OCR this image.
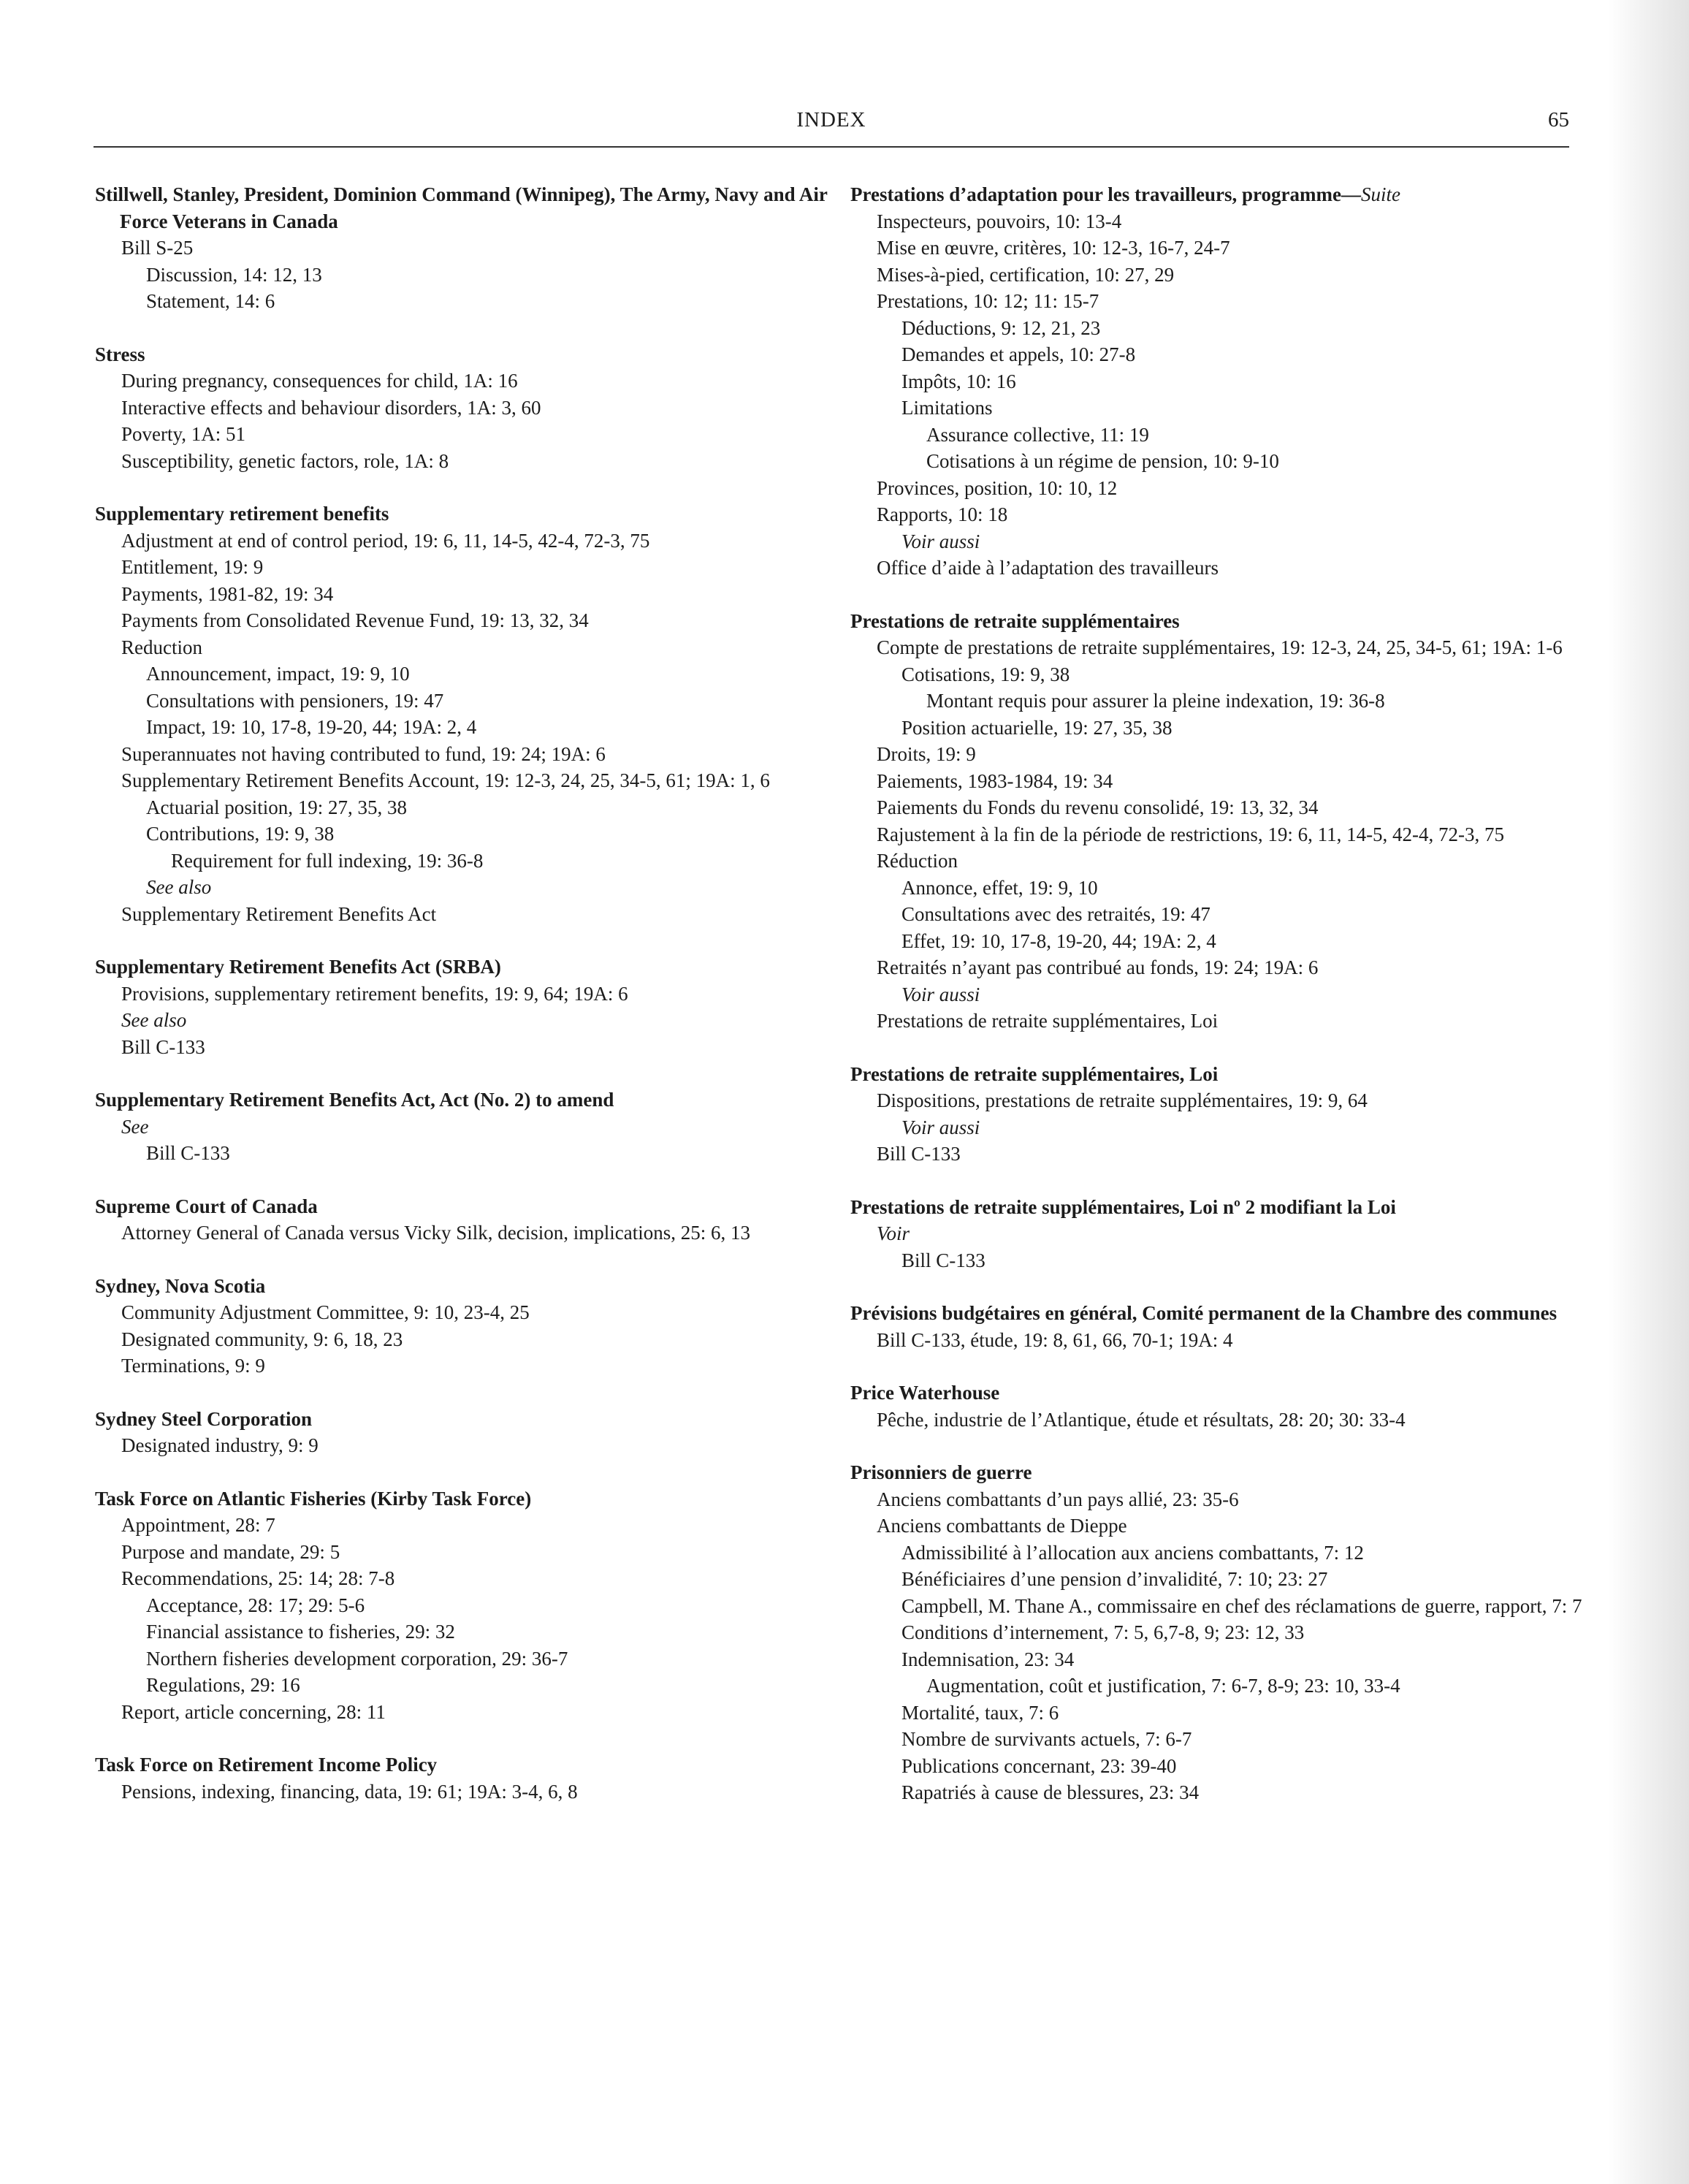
INDEX	65
Stillwell, Stanley, President, Dominion Command (Winnipeg), The Army, Navy and Air Force Veterans in Canada
Bill S-25
Discussion, 14: 12, 13
Statement, 14: 6
Stress
During pregnancy, consequences for child, 1A: 16
Interactive effects and behaviour disorders, 1A: 3, 60
Poverty, 1A: 51
Susceptibility, genetic factors, role, 1A: 8
Supplementary retirement benefits
Adjustment at end of control period, 19: 6, 11, 14-5, 42-4, 72-3, 75
Entitlement, 19: 9
Payments, 1981-82, 19: 34
Payments from Consolidated Revenue Fund, 19: 13, 32, 34
Reduction
Announcement, impact, 19: 9, 10
Consultations with pensioners, 19: 47
Impact, 19: 10, 17-8, 19-20, 44; 19A: 2, 4
Superannuates not having contributed to fund, 19: 24; 19A: 6
Supplementary Retirement Benefits Account, 19: 12-3, 24, 25, 34-5, 61; 19A: 1, 6
Actuarial position, 19: 27, 35, 38
Contributions, 19: 9, 38
Requirement for full indexing, 19: 36-8
See also
Supplementary Retirement Benefits Act
Supplementary Retirement Benefits Act (SRBA)
Provisions, supplementary retirement benefits, 19: 9, 64; 19A: 6
See also
Bill C-133
Supplementary Retirement Benefits Act, Act (No. 2) to amend
See
Bill C-133
Supreme Court of Canada
Attorney General of Canada versus Vicky Silk, decision, implications, 25: 6, 13
Sydney, Nova Scotia
Community Adjustment Committee, 9: 10, 23-4, 25
Designated community, 9: 6, 18, 23
Terminations, 9: 9
Sydney Steel Corporation
Designated industry, 9: 9
Task Force on Atlantic Fisheries (Kirby Task Force)
Appointment, 28: 7
Purpose and mandate, 29: 5
Recommendations, 25: 14; 28: 7-8
Acceptance, 28: 17; 29: 5-6
Financial assistance to fisheries, 29: 32
Northern fisheries development corporation, 29: 36-7
Regulations, 29: 16
Report, article concerning, 28: 11
Task Force on Retirement Income Policy
Pensions, indexing, financing, data, 19: 61; 19A: 3-4, 6, 8
Prestations d’adaptation pour les travailleurs, programme—Suite
Inspecteurs, pouvoirs, 10: 13-4
Mise en œuvre, critères, 10: 12-3, 16-7, 24-7
Mises-à-pied, certification, 10: 27, 29
Prestations, 10: 12; 11: 15-7
Déductions, 9: 12, 21, 23
Demandes et appels, 10: 27-8
Impôts, 10: 16
Limitations
Assurance collective, 11: 19
Cotisations à un régime de pension, 10: 9-10
Provinces, position, 10: 10, 12
Rapports, 10: 18
Voir aussi
Office d’aide à l’adaptation des travailleurs
Prestations de retraite supplémentaires
Compte de prestations de retraite supplémentaires, 19: 12-3, 24, 25, 34-5, 61; 19A: 1-6
Cotisations, 19: 9, 38
Montant requis pour assurer la pleine indexation, 19: 36-8
Position actuarielle, 19: 27, 35, 38
Droits, 19: 9
Paiements, 1983-1984, 19: 34
Paiements du Fonds du revenu consolidé, 19: 13, 32, 34
Rajustement à la fin de la période de restrictions, 19: 6, 11, 14-5, 42-4, 72-3, 75
Réduction
Annonce, effet, 19: 9, 10
Consultations avec des retraités, 19: 47
Effet, 19: 10, 17-8, 19-20, 44; 19A: 2, 4
Retraités n’ayant pas contribué au fonds, 19: 24; 19A: 6
Voir aussi
Prestations de retraite supplémentaires, Loi
Prestations de retraite supplémentaires, Loi
Dispositions, prestations de retraite supplémentaires, 19: 9, 64
Voir aussi
Bill C-133
Prestations de retraite supplémentaires, Loi nº 2 modifiant la Loi
Voir
Bill C-133
Prévisions budgétaires en général, Comité permanent de la Chambre des communes
Bill C-133, étude, 19: 8, 61, 66, 70-1; 19A: 4
Price Waterhouse
Pêche, industrie de l’Atlantique, étude et résultats, 28: 20; 30: 33-4
Prisonniers de guerre
Anciens combattants d’un pays allié, 23: 35-6
Anciens combattants de Dieppe
Admissibilité à l’allocation aux anciens combattants, 7: 12
Bénéficiaires d’une pension d’invalidité, 7: 10; 23: 27
Campbell, M. Thane A., commissaire en chef des réclamations de guerre, rapport, 7: 7
Conditions d’internement, 7: 5, 6,7-8, 9; 23: 12, 33
Indemnisation, 23: 34
Augmentation, coût et justification, 7: 6-7, 8-9; 23: 10, 33-4
Mortalité, taux, 7: 6
Nombre de survivants actuels, 7: 6-7
Publications concernant, 23: 39-40
Rapatriés à cause de blessures, 23: 34
